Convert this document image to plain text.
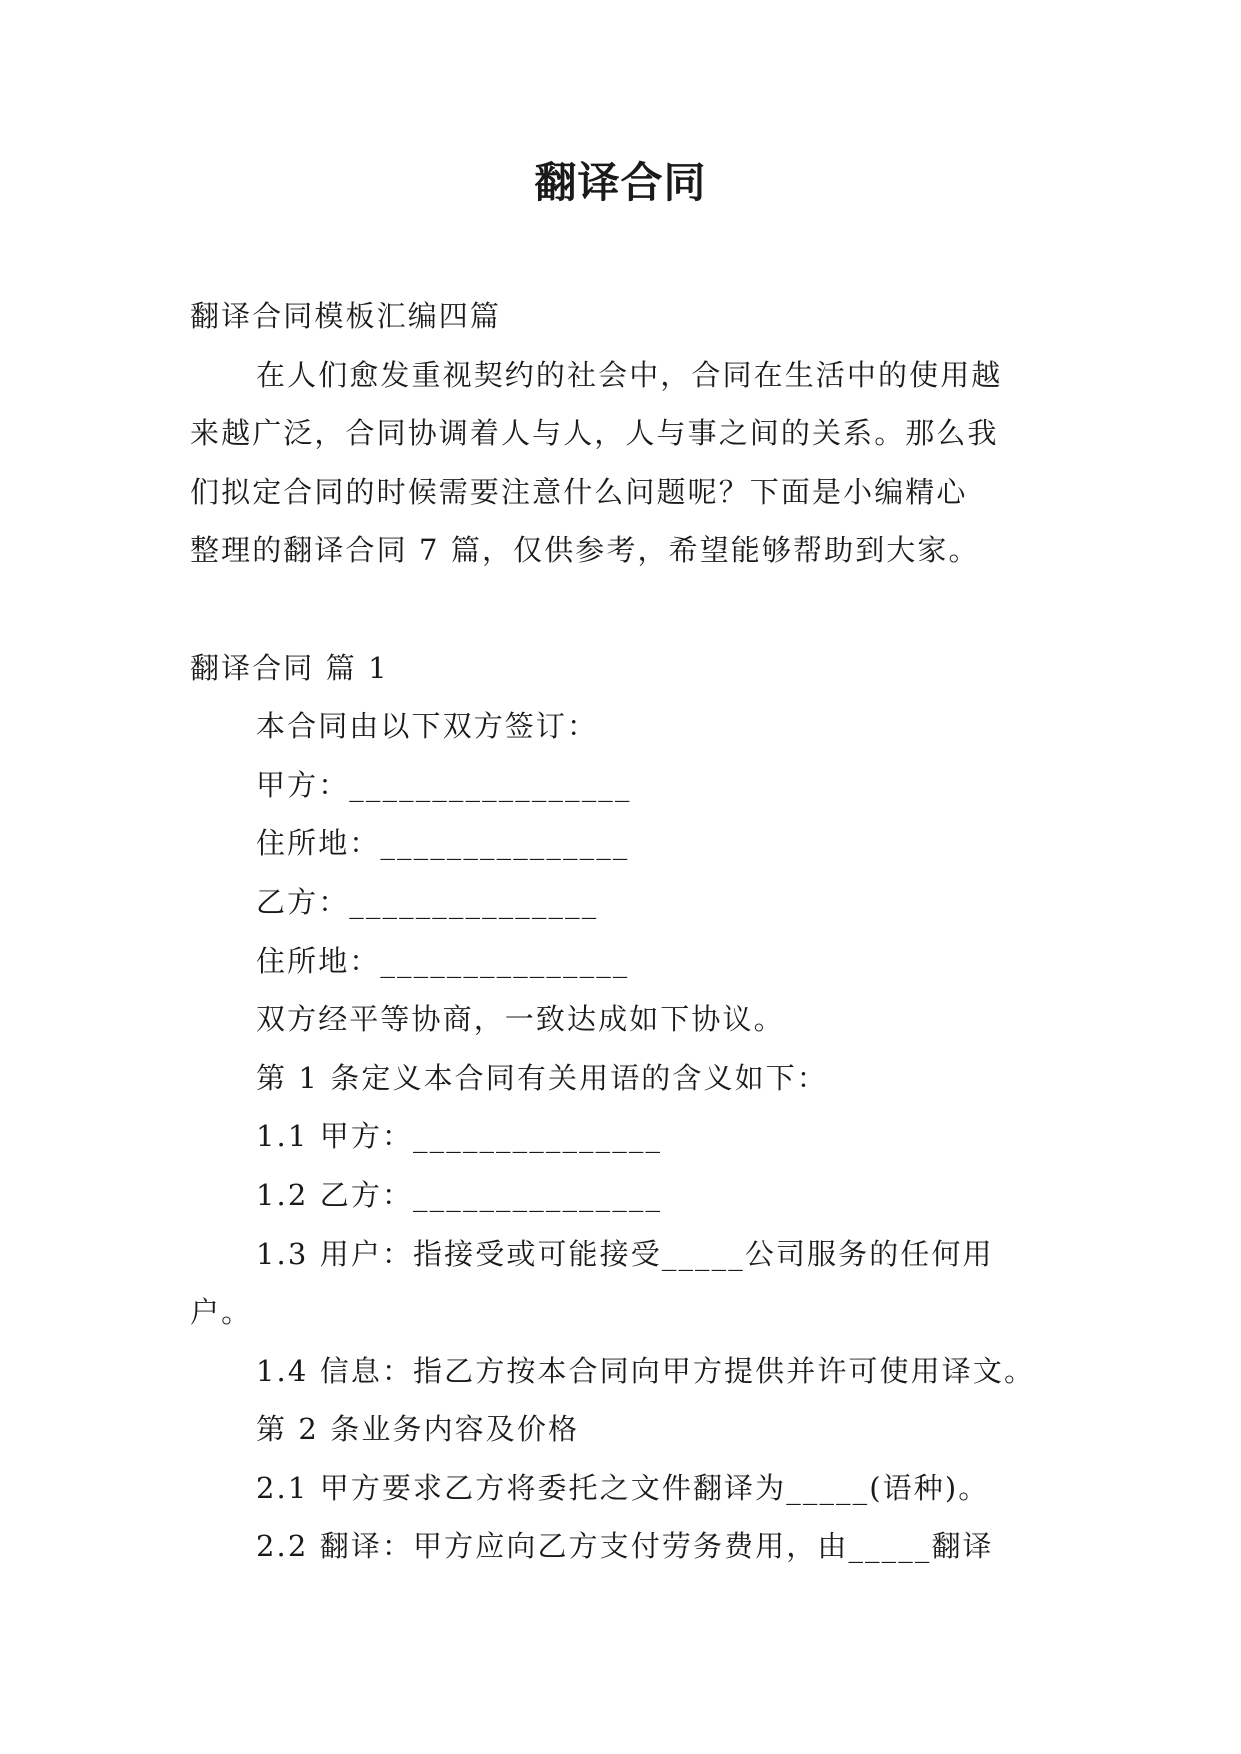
翻译合同
翻译合同模板汇编四篇
在人们愈发重视契约的社会中，合同在生活中的使用越
来越广泛，合同协调着人与人，人与事之间的关系。那么我
们拟定合同的时候需要注意什么问题呢？下面是小编精心
整理的翻译合同 7 篇，仅供参考，希望能够帮助到大家。
翻译合同 篇 1
本合同由以下双方签订：
甲方：_________________
住所地：_______________
乙方：_______________
住所地：_______________
双方经平等协商，一致达成如下协议。
第 1 条定义本合同有关用语的含义如下：
1.1 甲方：_______________
1.2 乙方：_______________
1.3 用户：指接受或可能接受_____公司服务的任何用
户。
1.4 信息：指乙方按本合同向甲方提供并许可使用译文。
第 2 条业务内容及价格
2.1 甲方要求乙方将委托之文件翻译为_____(语种)。
2.2 翻译：甲方应向乙方支付劳务费用，由_____翻译
